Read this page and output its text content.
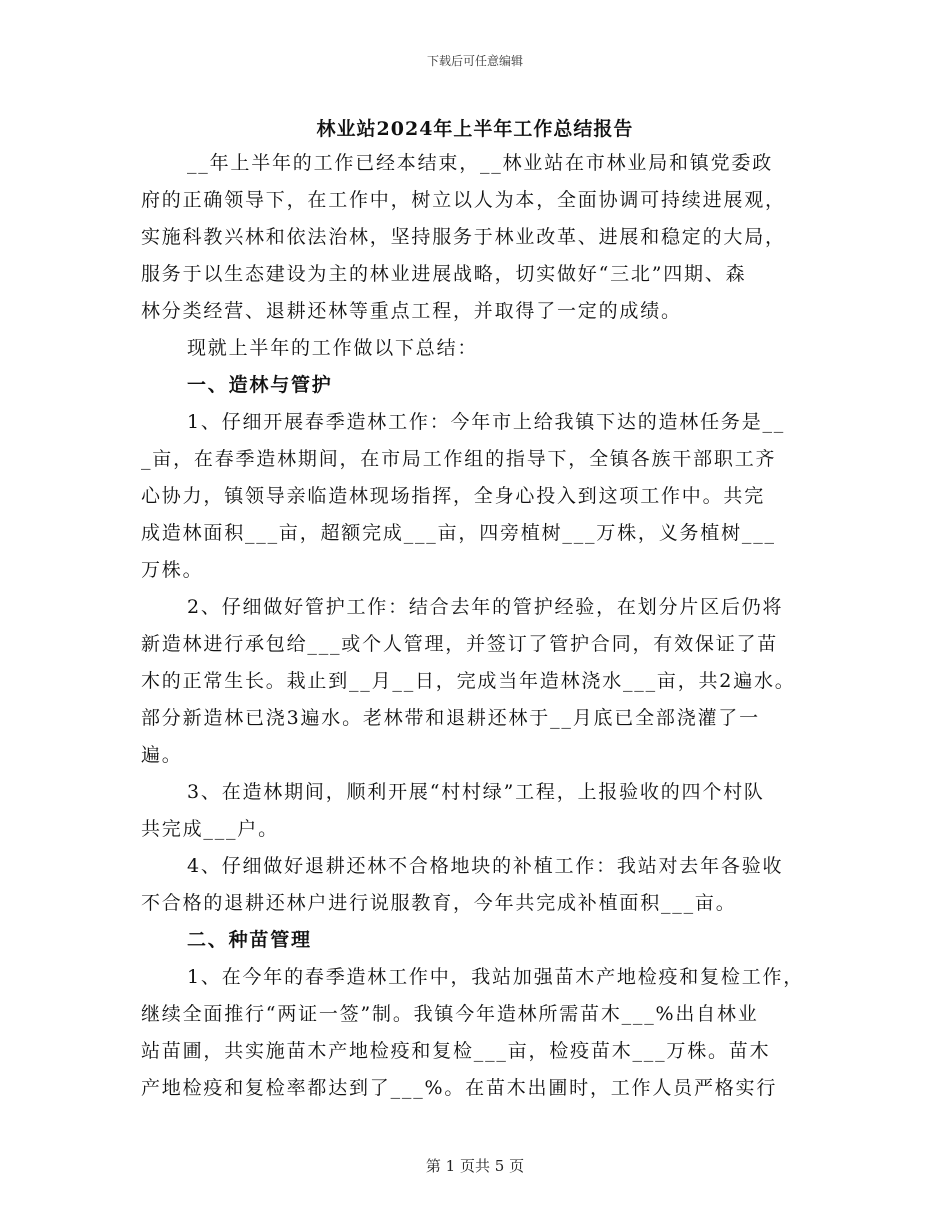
下载后可任意编辑
林业站2024年上半年工作总结报告
__年上半年的工作已经本结束，__林业站在市林业局和镇党委政
府的正确领导下，在工作中，树立以人为本，全面协调可持续进展观，
实施科教兴林和依法治林，坚持服务于林业改革、进展和稳定的大局，
服务于以生态建设为主的林业进展战略，切实做好“三北”四期、森
林分类经营、退耕还林等重点工程，并取得了一定的成绩。
现就上半年的工作做以下总结：
一、造林与管护
1、仔细开展春季造林工作：今年市上给我镇下达的造林任务是__
_亩，在春季造林期间，在市局工作组的指导下，全镇各族干部职工齐
心协力，镇领导亲临造林现场指挥，全身心投入到这项工作中。共完
成造林面积___亩，超额完成___亩，四旁植树___万株，义务植树___
万株。
2、仔细做好管护工作：结合去年的管护经验，在划分片区后仍将
新造林进行承包给___或个人管理，并签订了管护合同，有效保证了苗
木的正常生长。栽止到__月__日，完成当年造林浇水___亩，共2遍水。
部分新造林已浇3遍水。老林带和退耕还林于__月底已全部浇灌了一
遍。
3、在造林期间，顺利开展“村村绿”工程，上报验收的四个村队
共完成___户。
4、仔细做好退耕还林不合格地块的补植工作：我站对去年各验收
不合格的退耕还林户进行说服教育，今年共完成补植面积___亩。
二、种苗管理
1、在今年的春季造林工作中，我站加强苗木产地检疫和复检工作，
继续全面推行“两证一签”制。我镇今年造林所需苗木___%出自林业
站苗圃，共实施苗木产地检疫和复检___亩，检疫苗木___万株。苗木
产地检疫和复检率都达到了___%。在苗木出圃时，工作人员严格实行
第 1 页共 5 页
